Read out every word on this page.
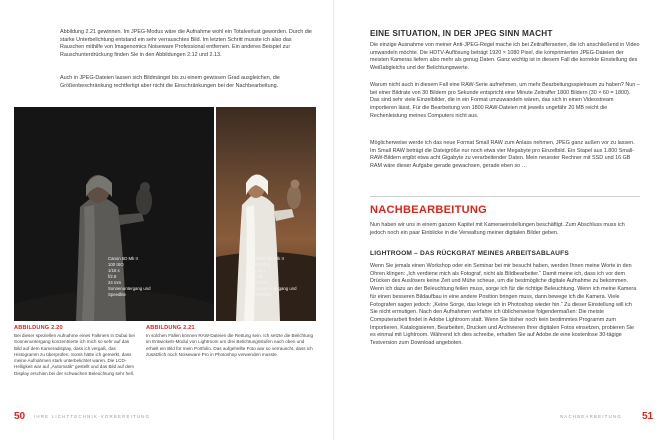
Abbildung 2.21 gewinnen. Im JPEG-Modus wäre die Aufnahme wohl ein Totalverlust geworden. Durch die starke Unterbelichtung entstand ein sehr verrauschtes Bild. Im letzten Schritt musste ich also das Rauschen mithilfe von Imagenomics Noiseware Professional entfernen. Ein anderes Beispiel zur Rauschunterdrückung finden Sie in den Abbildungen 2.12 und 2.13.

Auch in JPEG-Dateien lassen sich Bildmängel bis zu einem gewissen Grad ausgleichen, die Größenbeschränkung rechtfertigt aber nicht die Einschränkungen bei der Nachbearbeitung.

Canon 5D Mk II
100 ISO
1/15 s
f/2.8
24 mm
Sonnenuntergang und Speedlite
Canon 5D Mk II
100 ISO
1/15 s
f/2.8
24 mm
Sonnenuntergang und Speedlite
ABBILDUNG 2.20

Bei dieser speziellen Aufnahme eines Falkners in Dubai bei Sonnenuntergang konzentrierte ich mich so sehr auf das Bild auf dem Kameradisplay, dass ich vergaß, das Histogramm zu überprüfen. Somit hätte ich gemerkt, dass meine Aufnahmen stark unterbelichtet waren. Die LCD-Helligkeit war auf „Automatik“ gestellt und das Bild auf dem Display erschien bei der schwachen Beleuchtung sehr hell.

ABBILDUNG 2.21

In solchen Fällen können RAW-Dateien die Rettung sein. Ich setzte die Belichtung im Entwickeln-Modul von Lightroom um drei Belichtungsstufen nach oben und erhielt ein Bild für mein Portfolio. Das aufgehellte Foto war so verrauscht, dass ich zusätzlich noch Noiseware Pro in Photoshop verwenden musste.

50 IHRE LICHTTECHNIK-VORBEREITUNG
EINE SITUATION, IN DER JPEG SINN MACHT

Die einzige Ausnahme von meiner Anti-JPEG-Regel mache ich bei Zeitrafferserien, die ich anschließend in Video umwandeln möchte. Die HDTV-Auflösung beträgt 1920 × 1080 Pixel, die komprimierten JPEG-Dateien der meisten Kameras liefern also mehr als genug Daten. Ganz wichtig ist in diesem Fall die korrekte Einstellung des Weißabgleichs und der Belichtungswerte.

Warum nicht auch in diesem Fall eine RAW-Serie aufnehmen, um mehr Bearbeitungsspielraum zu haben? Nun – bei einer Bildrate von 30 Bildern pro Sekunde entspricht eine Minute Zeitraffer 1800 Bildern (30 × 60 = 1800). Das sind sehr viele Einzelbilder, die in ein Format umzuwandeln wären, das sich in einen Videostream importieren lässt. Für die Bearbeitung von 1800 RAW-Dateien mit jeweils ungefähr 20 MB reicht die Rechenleistung meines Computers nicht aus.

Möglicherweise werde ich das neue Format Small RAW zum Anlass nehmen, JPEG ganz außen vor zu lassen. Im Small RAW beträgt die Dateigröße nur noch etwa vier Megabyte pro Einzelbild. Ein Stapel aus 1.800 Small-RAW-Bildern ergibt etwa acht Gigabyte zu verarbeitender Daten. Mein neuester Rechner mit SSD und 16 GB RAM wäre dieser Aufgabe gerade gewachsen, gerade eben so …

NACHBEARBEITUNG

Nun haben wir uns in einem ganzen Kapitel mit Kameraeinstellungen beschäftigt. Zum Abschluss muss ich jedoch noch ein paar Einblicke in die Verwaltung meiner digitalen Bilder geben.

LIGHTROOM – DAS RÜCKGRAT MEINES ARBEITSABLAUFS

Wenn Sie jemals einen Workshop oder ein Seminar bei mir besucht haben, werden Ihnen meine Worte in den Ohren klingen: „Ich verdiene mich als Fotograf, nicht als Bildbearbeiter.“ Damit meine ich, dass ich vor dem Drücken des Auslösers keine Zeit und Mühe scheue, um die bestmögliche digitale Aufnahme zu bekommen. Wenn ich dazu an der Beleuchtung feilen muss, sorge ich für die richtige Beleuchtung. Wenn ich meine Kamera für einen besseren Bildaufbau in eine andere Position bringen muss, dann bewege ich die Kamera. Viele Fotografen sagen jedoch: „Keine Sorge, das kriege ich in Photoshop wieder hin.“ Zu dieser Einstellung will ich Sie nicht ermutigen. Nach den Aufnahmen verfahre ich üblicherweise folgendermaßen: Die meiste Computerarbeit findet in Adobe Lightroom statt. Wenn Sie bisher noch kein bestimmtes Programm zum Importieren, Katalogisieren, Bearbeiten, Drucken und Archivieren Ihrer digitalen Fotos einsetzen, probieren Sie es einmal mit Lightroom. Während ich dies schreibe, erhalten Sie auf Adobe.de eine kostenlose 30-tägige Testversion zum Download angeboten.

NACHBEARBEITUNG 51
